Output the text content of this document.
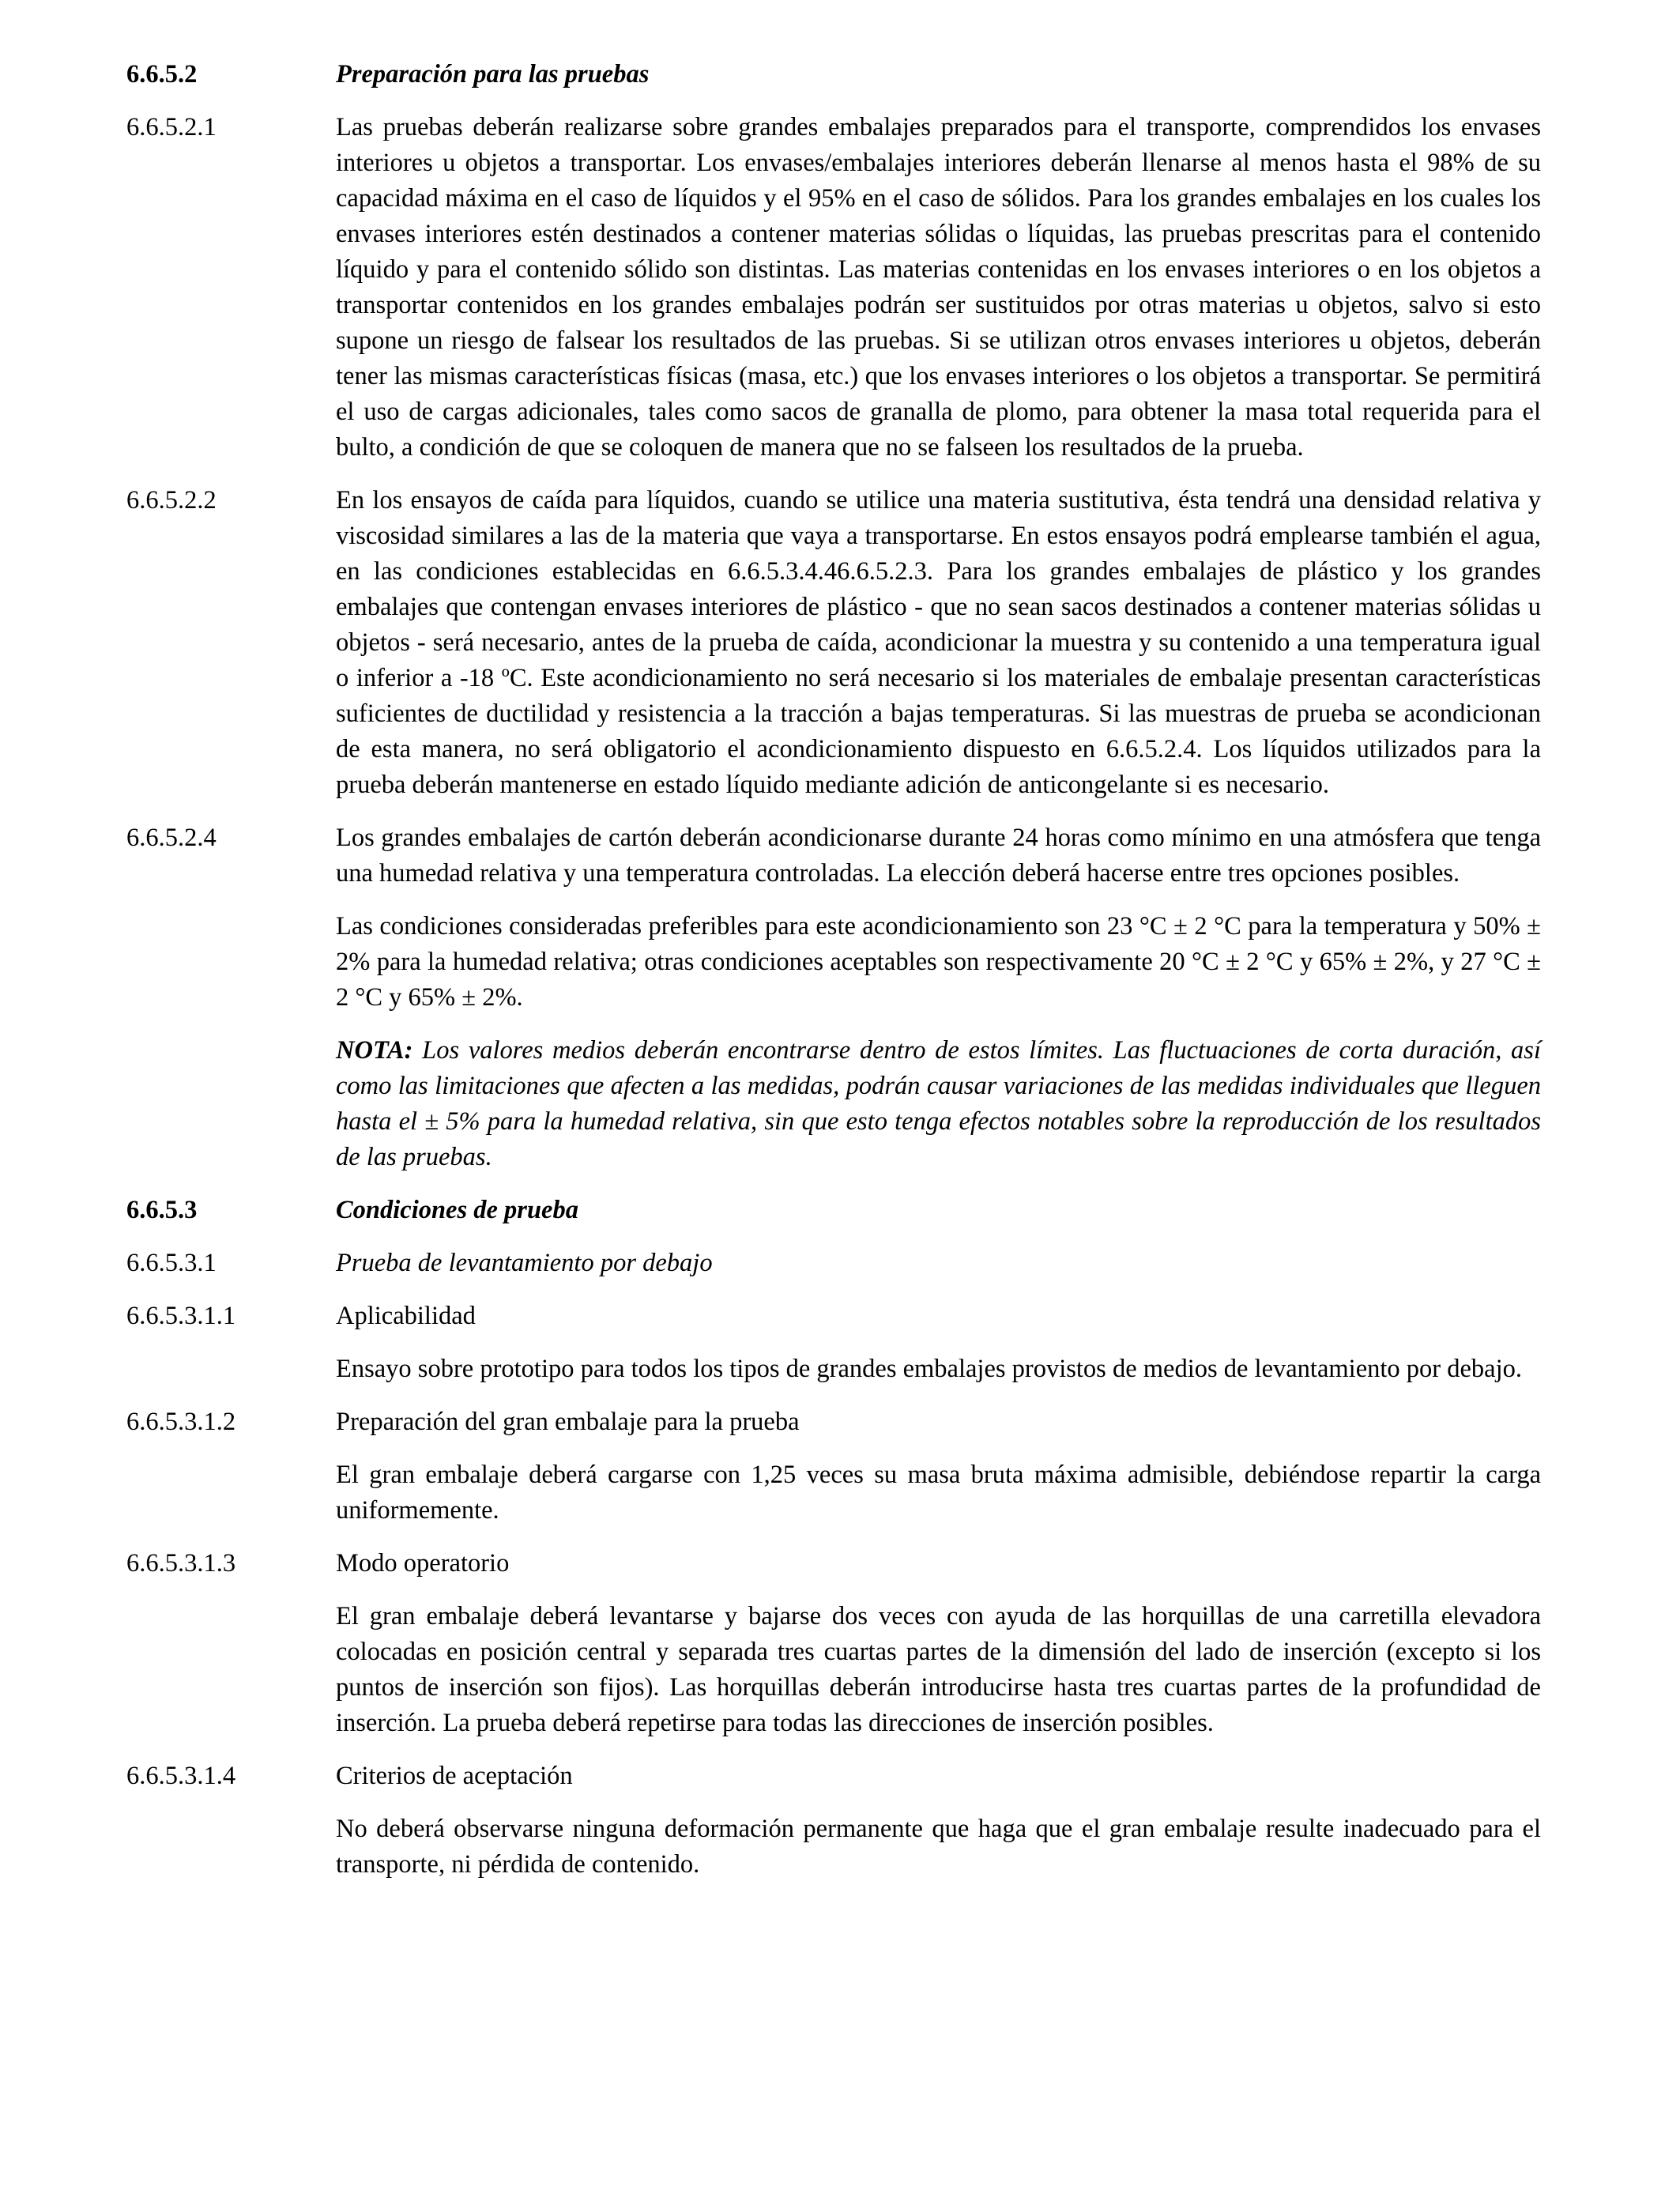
6.6.5.2	Preparación para las pruebas

6.6.5.2.1	Las pruebas deberán realizarse sobre grandes embalajes preparados para el transporte, comprendidos los envases interiores u objetos a transportar. Los envases/embalajes interiores deberán llenarse al menos hasta el 98% de su capacidad máxima en el caso de líquidos y el 95% en el caso de sólidos. Para los grandes embalajes en los cuales los envases interiores estén destinados a contener materias sólidas o líquidas, las pruebas prescritas para el contenido líquido y para el contenido sólido son distintas. Las materias contenidas en los envases interiores o en los objetos a transportar contenidos en los grandes embalajes podrán ser sustituidos por otras materias u objetos, salvo si esto supone un riesgo de falsear los resultados de las pruebas. Si se utilizan otros envases interiores u objetos, deberán tener las mismas características físicas (masa, etc.) que los envases interiores o los objetos a transportar. Se permitirá el uso de cargas adicionales, tales como sacos de granalla de plomo, para obtener la masa total requerida para el bulto, a condición de que se coloquen de manera que no se falseen los resultados de la prueba.

6.6.5.2.2	En los ensayos de caída para líquidos, cuando se utilice una materia sustitutiva, ésta tendrá una densidad relativa y viscosidad similares a las de la materia que vaya a transportarse. En estos ensayos podrá emplearse también el agua, en las condiciones establecidas en 6.6.5.3.4.46.6.5.2.3. Para los grandes embalajes de plástico y los grandes embalajes que contengan envases interiores de plástico - que no sean sacos destinados a contener materias sólidas u objetos - será necesario, antes de la prueba de caída, acondicionar la muestra y su contenido a una temperatura igual o inferior a -18 ºC. Este acondicionamiento no será necesario si los materiales de embalaje presentan características suficientes de ductilidad y resistencia a la tracción a bajas temperaturas. Si las muestras de prueba se acondicionan de esta manera, no será obligatorio el acondicionamiento dispuesto en 6.6.5.2.4. Los líquidos utilizados para la prueba deberán mantenerse en estado líquido mediante adición de anticongelante si es necesario.

6.6.5.2.4	Los grandes embalajes de cartón deberán acondicionarse durante 24 horas como mínimo en una atmósfera que tenga una humedad relativa y una temperatura controladas. La elección deberá hacerse entre tres opciones posibles.

Las condiciones consideradas preferibles para este acondicionamiento son 23 °C ± 2 °C para la temperatura y 50% ± 2% para la humedad relativa; otras condiciones aceptables son respectivamente 20 °C ± 2 °C y 65% ± 2%, y 27 °C ± 2 °C y 65% ± 2%.

NOTA: Los valores medios deberán encontrarse dentro de estos límites. Las fluctuaciones de corta duración, así como las limitaciones que afecten a las medidas, podrán causar variaciones de las medidas individuales que lleguen hasta el ± 5% para la humedad relativa, sin que esto tenga efectos notables sobre la reproducción de los resultados de las pruebas.

6.6.5.3	Condiciones de prueba

6.6.5.3.1	Prueba de levantamiento por debajo

6.6.5.3.1.1	Aplicabilidad

Ensayo sobre prototipo para todos los tipos de grandes embalajes provistos de medios de levantamiento por debajo.

6.6.5.3.1.2	Preparación del gran embalaje para la prueba

El gran embalaje deberá cargarse con 1,25 veces su masa bruta máxima admisible, debiéndose repartir la carga uniformemente.

6.6.5.3.1.3	Modo operatorio

El gran embalaje deberá levantarse y bajarse dos veces con ayuda de las horquillas de una carretilla elevadora colocadas en posición central y separada tres cuartas partes de la dimensión del lado de inserción (excepto si los puntos de inserción son fijos). Las horquillas deberán introducirse hasta tres cuartas partes de la profundidad de inserción. La prueba deberá repetirse para todas las direcciones de inserción posibles.

6.6.5.3.1.4	Criterios de aceptación

No deberá observarse ninguna deformación permanente que haga que el gran embalaje resulte inadecuado para el transporte, ni pérdida de contenido.
